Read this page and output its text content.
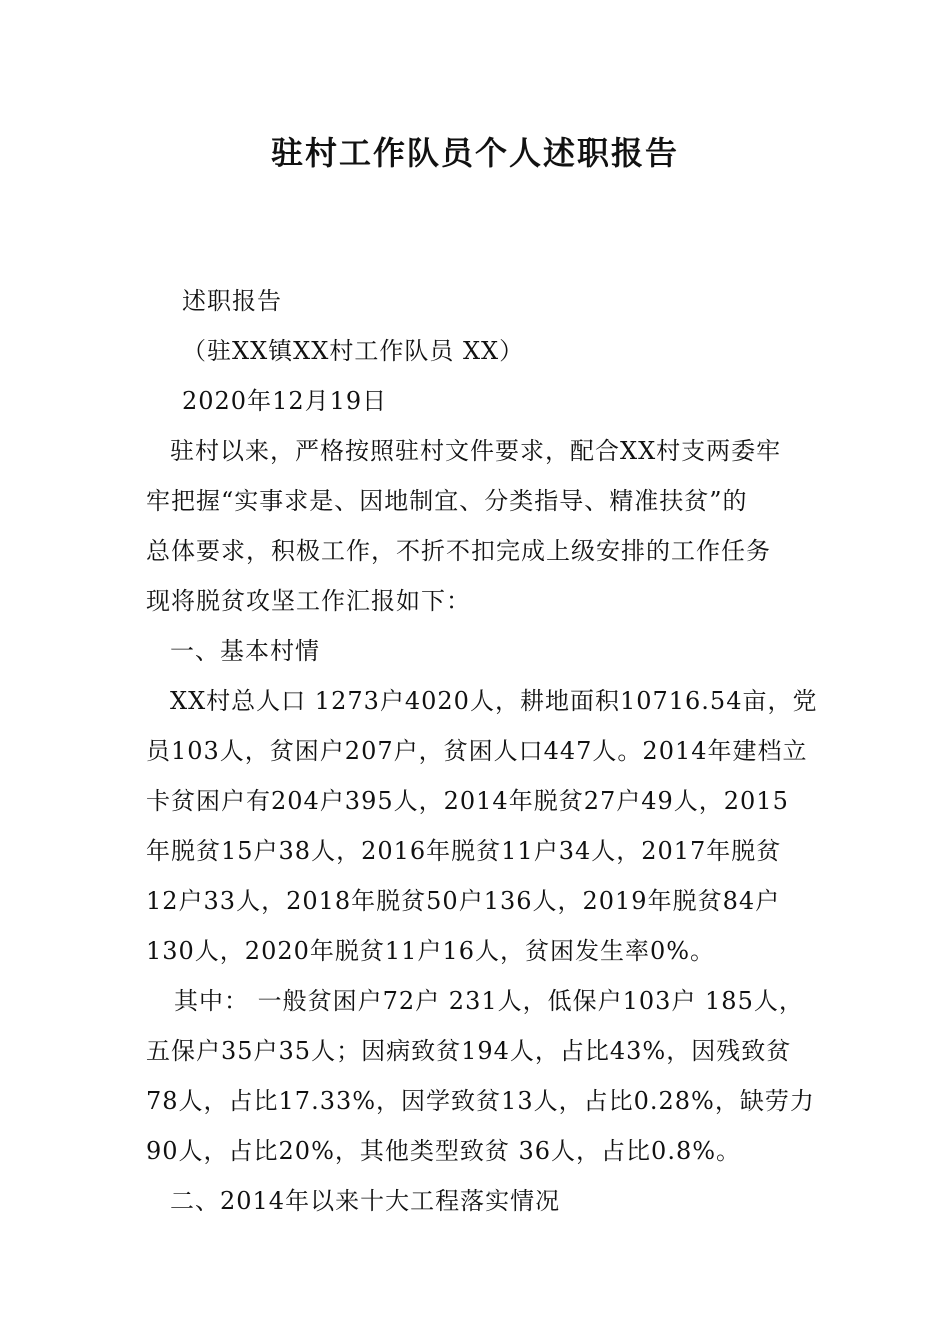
驻村工作队员个人述职报告
述职报告
（驻XX镇XX村工作队员 XX）
2020年12月19日
驻村以来，严格按照驻村文件要求，配合XX村支两委牢
牢把握“实事求是、因地制宜、分类指导、精准扶贫”的
总体要求，积极工作，不折不扣完成上级安排的工作任务
现将脱贫攻坚工作汇报如下：
一、基本村情
XX村总人口 1273户4020人，耕地面积10716.54亩，党
员103人，贫困户207户，贫困人口447人。2014年建档立
卡贫困户有204户395人，2014年脱贫27户49人，2015
年脱贫15户38人，2016年脱贫11户34人，2017年脱贫
12户33人，2018年脱贫50户136人，2019年脱贫84户
130人，2020年脱贫11户16人，贫困发生率0%。
其中： 一般贫困户72户 231人，低保户103户 185人，
五保户35户35人；因病致贫194人，占比43%，因残致贫
78人，占比17.33%，因学致贫13人，占比0.28%，缺劳力
90人，占比20%，其他类型致贫 36人，占比0.8%。
二、2014年以来十大工程落实情况
